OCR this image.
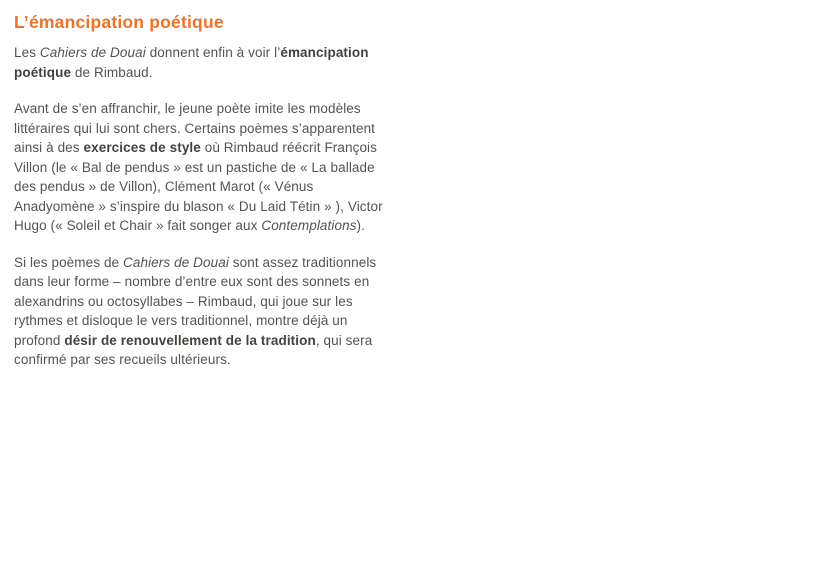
L’émancipation poétique

Les Cahiers de Douai donnent enfin à voir l’émancipation poétique de Rimbaud.

Avant de s’en affranchir, le jeune poète imite les modèles littéraires qui lui sont chers. Certains poèmes s’apparentent ainsi à des exercices de style où Rimbaud réécrit François Villon (le « Bal de pendus » est un pastiche de « La ballade des pendus » de Villon), Clément Marot (« Vénus Anadyomène » s’inspire du blason « Du Laid Tétin » ), Victor Hugo (« Soleil et Chair » fait songer aux Contemplations).

Si les poèmes de Cahiers de Douai sont assez traditionnels dans leur forme – nombre d’entre eux sont des sonnets en alexandrins ou octosyllabes – Rimbaud, qui joue sur les rythmes et disloque le vers traditionnel, montre déjà un profond désir de renouvellement de la tradition, qui sera confirmé par ses recueils ultérieurs.
